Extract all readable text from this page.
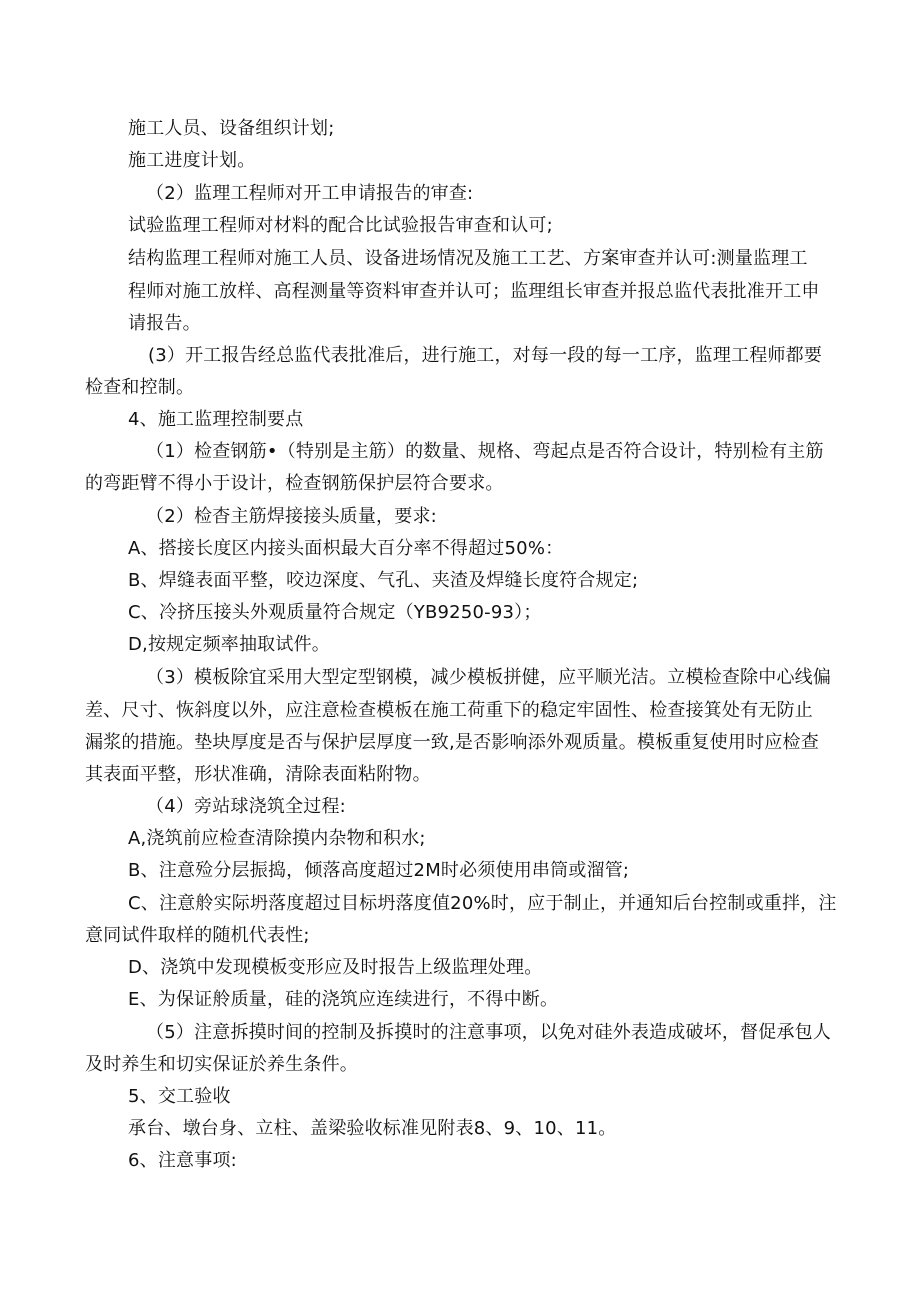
施工人员、设备组织计划;
施工进度计划。
（2）监理工程师对开工申请报告的审查:
试验监理工程师对材料的配合比试验报告审查和认可;
结构监理工程师对施工人员、设备进场情况及施工工艺、方案审查并认可:测量监理工
程师对施工放样、高程测量等资料审查并认可；监理组长审查并报总监代表批准开工申
请报告。
(3）开工报告经总监代表批准后，进行施工，对每一段的每一工序，监理工程师都要
检查和控制。
4、施工监理控制要点
（1）检查钢筋•（特别是主筋）的数量、规格、弯起点是否符合设计，特别检有主筋
的弯距臂不得小于设计，检查钢筋保护层符合要求。
（2）检杳主筋焊接接头质量，要求:
A、搭接长度区内接头面枳最大百分率不得超过50%：
B、焊缝表面平整，咬边深度、气孔、夹渣及焊缝长度符合规定;
C、冷挤压接头外观质量符合规定（YB9250-93）；
D,按规定频率抽取试件。
（3）模板除宜采用大型定型钢模，减少模板拼健，应平顺光洁。立模检查除中心线偏
差、尺寸、恢斜度以外，应注意检查模板在施工荷重下的稳定牢固性、检查接箕处有无防止
漏浆的措施。垫块厚度是否与保护层厚度一致,是否影响添外观质量。模板重复使用时应检查
其表面平整，形状准确，清除表面粘附物。
（4）旁站球浇筑全过程:
A,浇筑前应检查清除摸内杂物和积水;
B、注意殓分层振捣，倾落高度超过2M时必须使用串筒或溜管;
C、注意舲实际坍落度超过目标坍落度值20%时，应于制止，并通知后台控制或重拌，注
意同试件取样的随机代表性;
D、浇筑中发现模板变形应及时报告上级监理处理。
E、为保证舲质量，硅的浇筑应连续进行，不得中断。
（5）注意拆摸时间的控制及拆摸时的注意事项，以免对硅外表造成破坏，督促承包人
及时养生和切实保证於养生条件。
5、交工验收
承台、墩台身、立柱、盖梁验收标准见附表8、9、10、11。
6、注意事项:
